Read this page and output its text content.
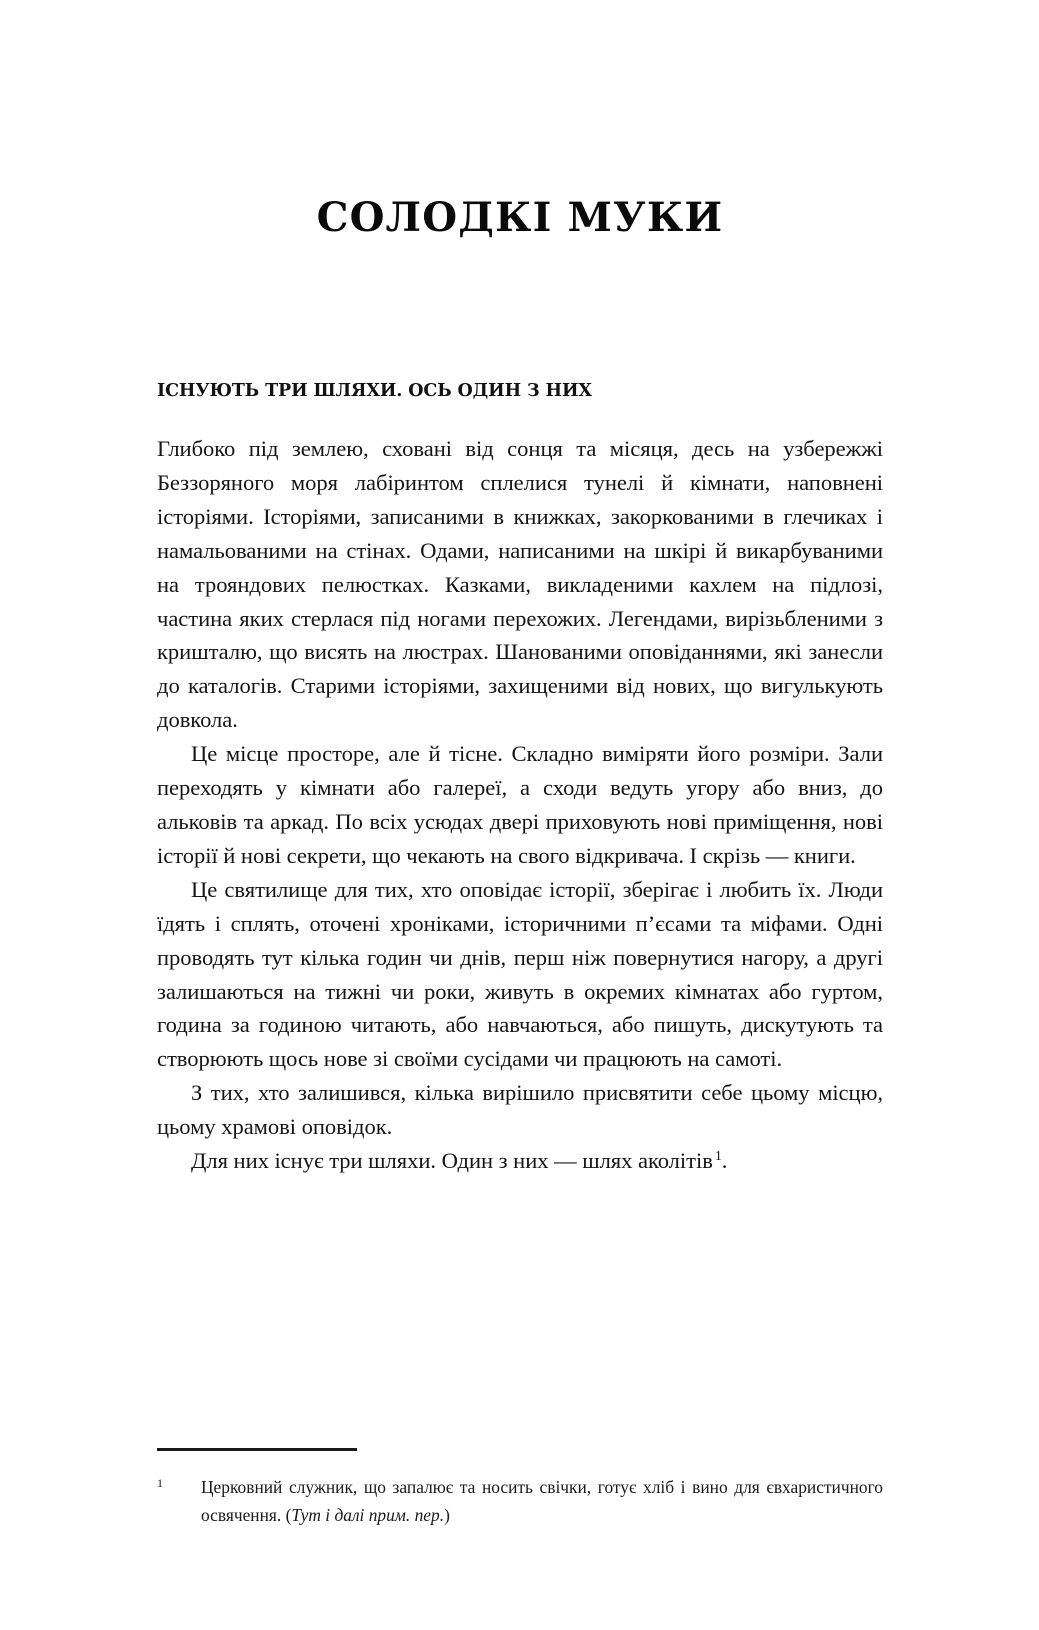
СОЛОДКІ МУКИ
ІСНУЮТЬ ТРИ ШЛЯХИ. ОСЬ ОДИН З НИХ

Глибоко під землею, сховані від сонця та місяця, десь на узбережжі Беззоряного моря лабіринтом сплелися тунелі й кімнати, наповнені історіями. Історіями, записаними в книжках, закоркованими в глечиках і намальованими на стінах. Одами, написаними на шкірі й викарбуваними на трояндових пелюстках. Казками, викладеними кахлем на підлозі, частина яких стерлася під ногами перехожих. Легендами, вирізьбленими з кришталю, що висять на люстрах. Шанованими оповіданнями, які занесли до каталогів. Старими історіями, захищеними від нових, що вигулькують довкола.

Це місце просторе, але й тісне. Складно виміряти його розміри. Зали переходять у кімнати або галереї, а сходи ведуть угору або вниз, до альковів та аркад. По всіх усюдах двері приховують нові приміщення, нові історії й нові секрети, що чекають на свого відкривача. І скрізь — книги.

Це святилище для тих, хто оповідає історії, зберігає і любить їх. Люди їдять і сплять, оточені хроніками, історичними п’єсами та міфами. Одні проводять тут кілька годин чи днів, перш ніж повернутися нагору, а другі залишаються на тижні чи роки, живуть в окремих кімнатах або гуртом, година за годиною читають, або навчаються, або пишуть, дискутують та створюють щось нове зі своїми сусідами чи працюють на самоті.

З тих, хто залишився, кілька вирішило присвятити себе цьому місцю, цьому храмові оповідок.

Для них існує три шляхи. Один з них — шлях аколітів $^1$.

1 Церковний служник, що запалює та носить свічки, готує хліб і вино для євхаристичного освячення. (Тут і далі прим. пер.)
